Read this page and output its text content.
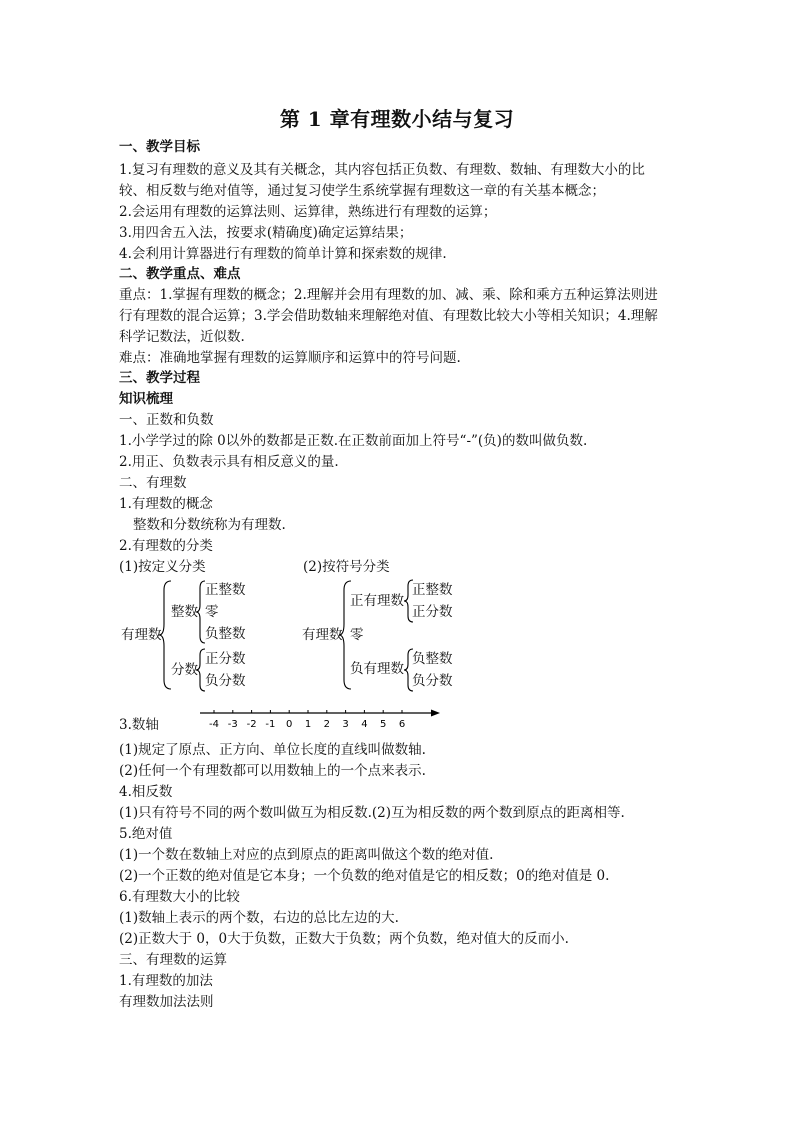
第 1 章有理数小结与复习
一、教学目标
1.复习有理数的意义及其有关概念，其内容包括正负数、有理数、数轴、有理数大小的比
较、相反数与绝对值等，通过复习使学生系统掌握有理数这一章的有关基本概念；
2.会运用有理数的运算法则、运算律，熟练进行有理数的运算；
3.用四舍五入法，按要求(精确度)确定运算结果；
4.会利用计算器进行有理数的简单计算和探索数的规律.
二、教学重点、难点
重点：1.掌握有理数的概念；2.理解并会用有理数的加、减、乘、除和乘方五种运算法则进
行有理数的混合运算；3.学会借助数轴来理解绝对值、有理数比较大小等相关知识；4.理解
科学记数法，近似数.
难点：准确地掌握有理数的运算顺序和运算中的符号问题.
三、教学过程
知识梳理
一、正数和负数
1.小学学过的除 0以外的数都是正数.在正数前面加上符号“-”(负)的数叫做负数.
2.用正、负数表示具有相反意义的量.
二、有理数
1.有理数的概念
整数和分数统称为有理数.
2.有理数的分类
(1)按定义分类
有理数
整数
正整数
零
负整数
分数
正分数
负分数
(2)按符号分类
有理数
正有理数
正整数
正分数
零
负有理数
负整数
负分数
3.数轴	-4 -3 -2 -1 0 1 2 3 4 5 6
(1)规定了原点、正方向、单位长度的直线叫做数轴.
(2)任何一个有理数都可以用数轴上的一个点来表示.
4.相反数
(1)只有符号不同的两个数叫做互为相反数.(2)互为相反数的两个数到原点的距离相等.
5.绝对值
(1)一个数在数轴上对应的点到原点的距离叫做这个数的绝对值.
(2)一个正数的绝对值是它本身；一个负数的绝对值是它的相反数；0的绝对值是 0.
6.有理数大小的比较
(1)数轴上表示的两个数，右边的总比左边的大.
(2)正数大于 0，0大于负数，正数大于负数；两个负数，绝对值大的反而小.
三、有理数的运算
1.有理数的加法
有理数加法法则
